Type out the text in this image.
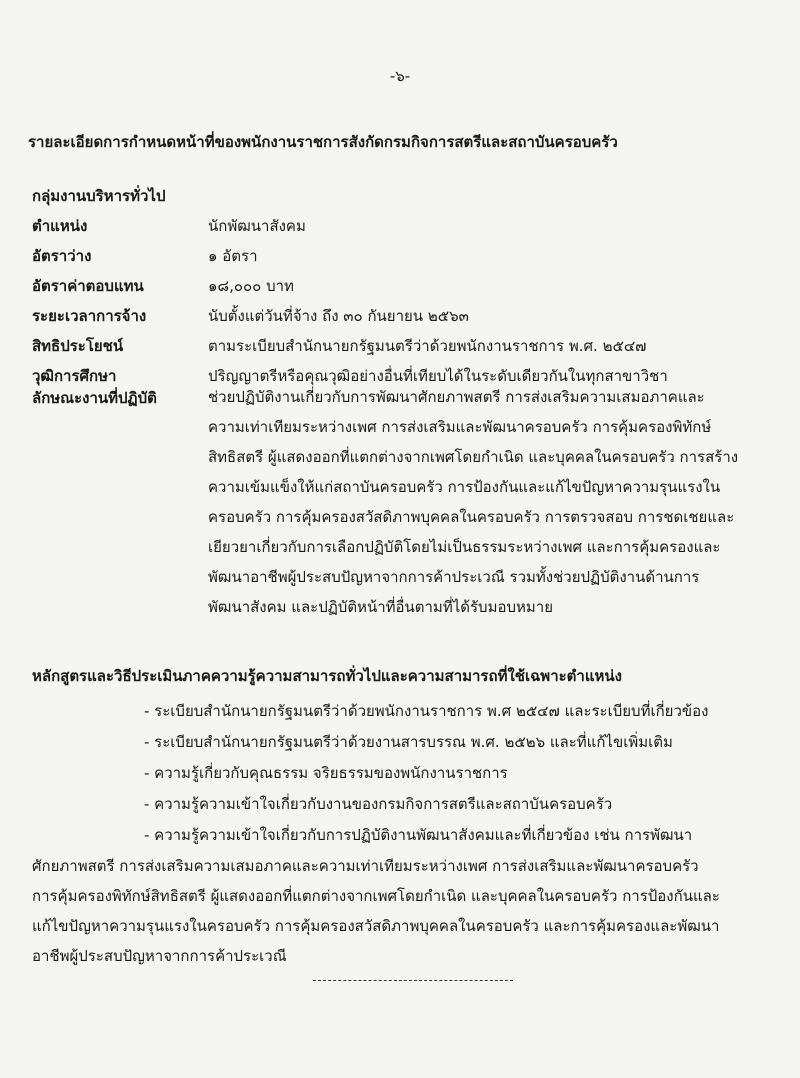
-๖-
รายละเอียดการกำหนดหน้าที่ของพนักงานราชการสังกัดกรมกิจการสตรีและสถาบันครอบครัว
กลุ่มงานบริหารทั่วไป
ตำแหน่ง	นักพัฒนาสังคม
อัตราว่าง	๑ อัตรา
อัตราค่าตอบแทน	๑๘,๐๐๐ บาท
ระยะเวลาการจ้าง	นับตั้งแต่วันที่จ้าง ถึง ๓๐ กันยายน ๒๕๖๓
สิทธิประโยชน์	ตามระเบียบสำนักนายกรัฐมนตรีว่าด้วยพนักงานราชการ พ.ศ. ๒๕๔๗
วุฒิการศึกษา	ปริญญาตรีหรือคุณวุฒิอย่างอื่นที่เทียบได้ในระดับเดียวกันในทุกสาขาวิชา
ลักษณะงานที่ปฏิบัติ	ช่วยปฏิบัติงานเกี่ยวกับการพัฒนาศักยภาพสตรี การส่งเสริมความเสมอภาคและ
ความเท่าเทียมระหว่างเพศ การส่งเสริมและพัฒนาครอบครัว การคุ้มครองพิทักษ์
สิทธิสตรี ผู้แสดงออกที่แตกต่างจากเพศโดยกำเนิด และบุคคลในครอบครัว การสร้าง
ความเข้มแข็งให้แก่สถาบันครอบครัว การป้องกันและแก้ไขปัญหาความรุนแรงใน
ครอบครัว การคุ้มครองสวัสดิภาพบุคคลในครอบครัว การตรวจสอบ การชดเชยและ
เยียวยาเกี่ยวกับการเลือกปฏิบัติโดยไม่เป็นธรรมระหว่างเพศ และการคุ้มครองและ
พัฒนาอาชีพผู้ประสบปัญหาจากการค้าประเวณี รวมทั้งช่วยปฏิบัติงานด้านการ
พัฒนาสังคม และปฏิบัติหน้าที่อื่นตามที่ได้รับมอบหมาย
หลักสูตรและวิธีประเมินภาคความรู้ความสามารถทั่วไปและความสามารถที่ใช้เฉพาะตำแหน่ง
- ระเบียบสำนักนายกรัฐมนตรีว่าด้วยพนักงานราชการ พ.ศ ๒๕๔๗ และระเบียบที่เกี่ยวข้อง
- ระเบียบสำนักนายกรัฐมนตรีว่าด้วยงานสารบรรณ พ.ศ. ๒๕๒๖ และที่แก้ไขเพิ่มเติม
- ความรู้เกี่ยวกับคุณธรรม จริยธรรมของพนักงานราชการ
- ความรู้ความเข้าใจเกี่ยวกับงานของกรมกิจการสตรีและสถาบันครอบครัว
- ความรู้ความเข้าใจเกี่ยวกับการปฏิบัติงานพัฒนาสังคมและที่เกี่ยวข้อง เช่น การพัฒนา
ศักยภาพสตรี การส่งเสริมความเสมอภาคและความเท่าเทียมระหว่างเพศ การส่งเสริมและพัฒนาครอบครัว
การคุ้มครองพิทักษ์สิทธิสตรี ผู้แสดงออกที่แตกต่างจากเพศโดยกำเนิด และบุคคลในครอบครัว การป้องกันและ
แก้ไขปัญหาความรุนแรงในครอบครัว การคุ้มครองสวัสดิภาพบุคคลในครอบครัว และการคุ้มครองและพัฒนา
อาชีพผู้ประสบปัญหาจากการค้าประเวณี
